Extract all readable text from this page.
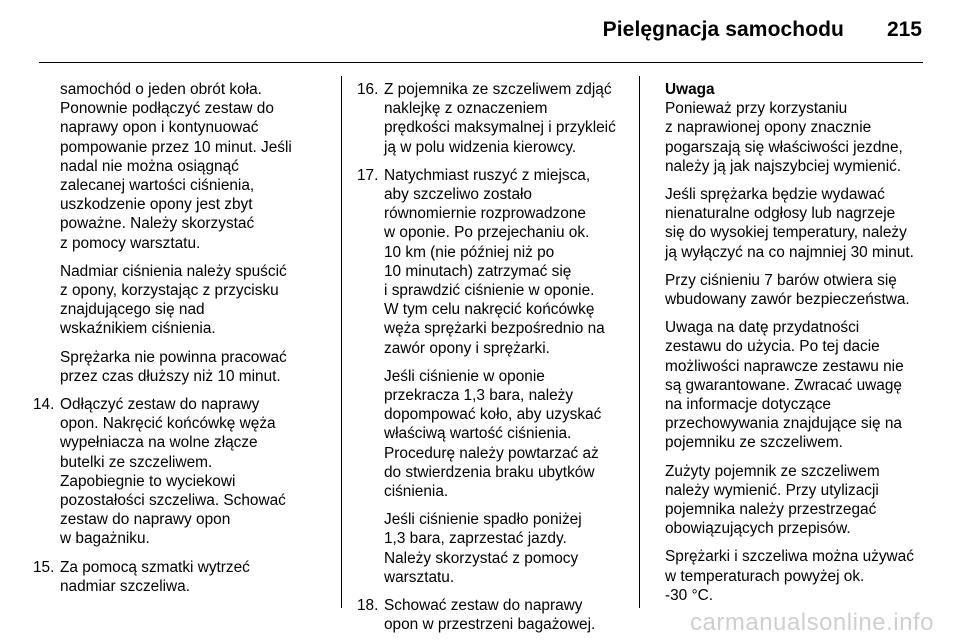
Pielęgnacja samochodu 215
samochód o jeden obrót koła.
Ponownie podłączyć zestaw do
naprawy opon i kontynuować
pompowanie przez 10 minut. Jeśli
nadal nie można osiągnąć
zalecanej wartości ciśnienia,
uszkodzenie opony jest zbyt
poważne. Należy skorzystać
z pomocy warsztatu.
Nadmiar ciśnienia należy spuścić
z opony, korzystając z przycisku
znajdującego się nad
wskaźnikiem ciśnienia.
Sprężarka nie powinna pracować
przez czas dłuższy niż 10 minut.
14. Odłączyć zestaw do naprawy
opon. Nakręcić końcówkę węża
wypełniacza na wolne złącze
butelki ze szczeliwem.
Zapobiegnie to wyciekowi
pozostałości szczeliwa. Schować
zestaw do naprawy opon
w bagażniku.
15. Za pomocą szmatki wytrzeć
nadmiar szczeliwa.
16. Z pojemnika ze szczeliwem zdjąć
naklejkę z oznaczeniem
prędkości maksymalnej i przykleić
ją w polu widzenia kierowcy.
17. Natychmiast ruszyć z miejsca,
aby szczeliwo zostało
równomiernie rozprowadzone
w oponie. Po przejechaniu ok.
10 km (nie później niż po
10 minutach) zatrzymać się
i sprawdzić ciśnienie w oponie.
W tym celu nakręcić końcówkę
węża sprężarki bezpośrednio na
zawór opony i sprężarki.
Jeśli ciśnienie w oponie
przekracza 1,3 bara, należy
dopompować koło, aby uzyskać
właściwą wartość ciśnienia.
Procedurę należy powtarzać aż
do stwierdzenia braku ubytków
ciśnienia.
Jeśli ciśnienie spadło poniżej
1,3 bara, zaprzestać jazdy.
Należy skorzystać z pomocy
warsztatu.
18. Schować zestaw do naprawy
opon w przestrzeni bagażowej.
Uwaga
Ponieważ przy korzystaniu
z naprawionej opony znacznie
pogarszają się właściwości jezdne,
należy ją jak najszybciej wymienić.
Jeśli sprężarka będzie wydawać
nienaturalne odgłosy lub nagrzeje
się do wysokiej temperatury, należy
ją wyłączyć na co najmniej 30 minut.
Przy ciśnieniu 7 barów otwiera się
wbudowany zawór bezpieczeństwa.
Uwaga na datę przydatności
zestawu do użycia. Po tej dacie
możliwości naprawcze zestawu nie
są gwarantowane. Zwracać uwagę
na informacje dotyczące
przechowywania znajdujące się na
pojemniku ze szczeliwem.
Zużyty pojemnik ze szczeliwem
należy wymienić. Przy utylizacji
pojemnika należy przestrzegać
obowiązujących przepisów.
Sprężarki i szczeliwa można używać
w temperaturach powyżej ok.
-30 °C.
carmanualsonline.info
